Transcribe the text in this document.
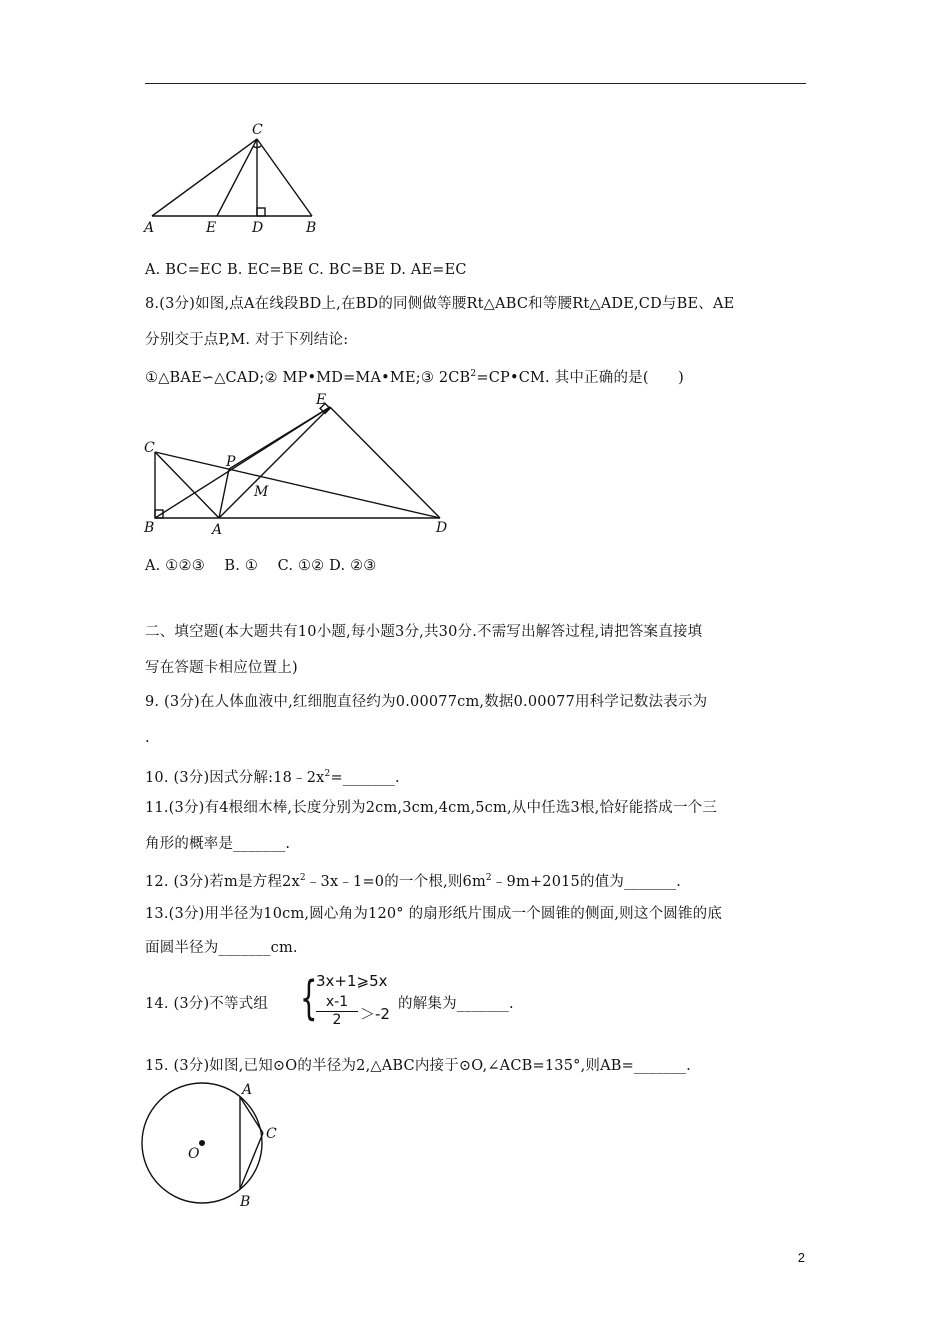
C
A	E	D	B
A. BC=EC B. EC=BE C. BC=BE D. AE=EC
8.(3分)如图,点A在线段BD上,在BD的同侧做等腰Rt△ABC和等腰Rt△ADE,CD与BE、AE
分别交于点P,M. 对于下列结论:
①△BAE∽△CAD;② MP•MD=MA•ME;③ $2CB^2=CP•CM$. 其中正确的是(　　)
E
C
P
M
B	A	D
A. ①②③　 B. ①　 C. ①② D. ②③
二、填空题(本大题共有10小题,每小题3分,共30分.不需写出解答过程,请把答案直接填
写在答题卡相应位置上)
9. (3分)在人体血液中,红细胞直径约为0.00077cm,数据0.00077用科学记数法表示为
.
10. (3分)因式分解$:18﹣2x^2=\_\_\_\_\_\_\_$.
11.(3分)有4根细木棒,长度分别为2cm,3cm,4cm,5cm,从中任选3根,恰好能搭成一个三
角形的概率是_______.
12. (3分)若m是方程$2x^2﹣3x﹣1=0$的一个根,则$6m^2﹣9m+2015$的值为_______.
13.(3分)用半径为10cm,圆心角为120° 的扇形纸片围成一个圆锥的侧面,则这个圆锥的底
面圆半径为_______cm.
14. (3分)不等式组 {
3x+1⩾5x
$\frac{x-1}{2} >-2$
的解集为_______.
15. (3分)如图,已知⊙O的半径为2,△ABC内接于⊙O,∠ACB=135°,则AB=_______.
A
C
O
B
2
